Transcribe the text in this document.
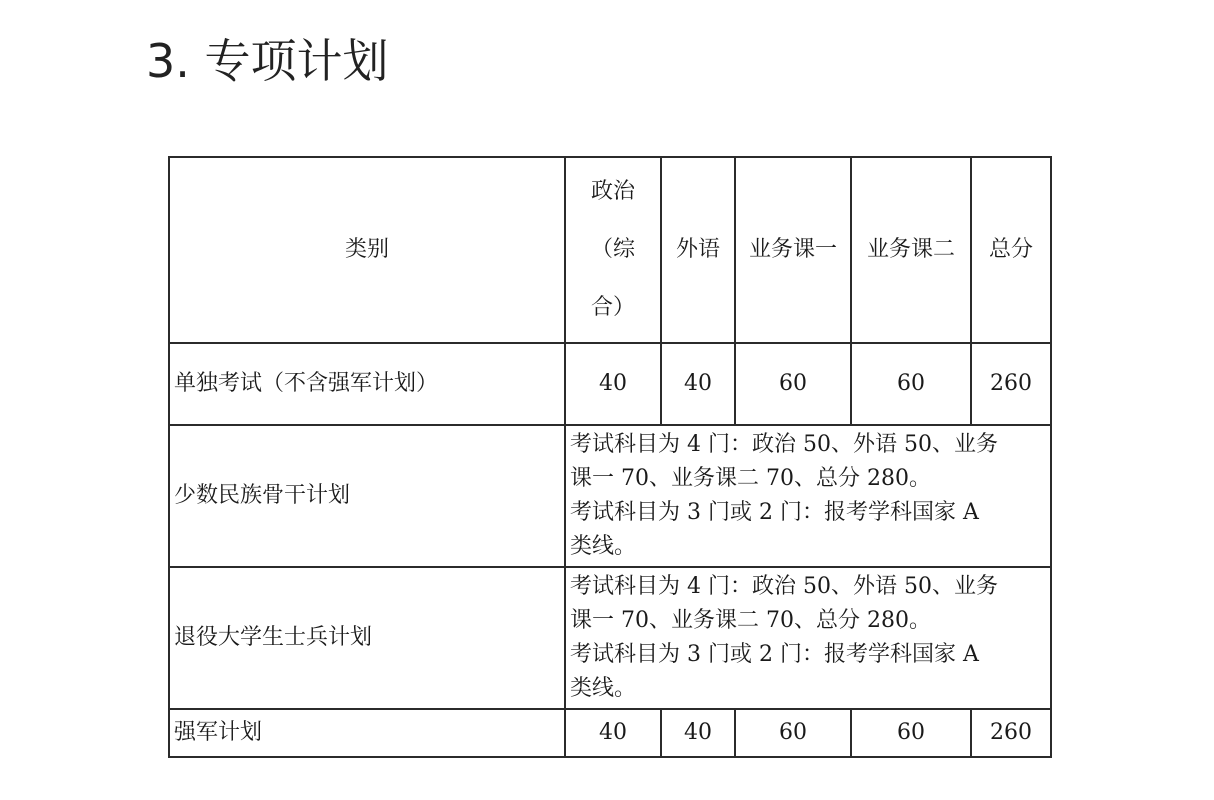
3. 专项计划
类别	政治
（综
合）	外语	业务课一	业务课二	总分
单独考试（不含强军计划）	40	40	60	60	260
少数民族骨干计划	考试科目为 4 门：政治 50、外语 50、业务
课一 70、业务课二 70、总分 280。
考试科目为 3 门或 2 门：报考学科国家 A
类线。				

退役大学生士兵计划	考试科目为 4 门：政治 50、外语 50、业务
课一 70、业务课二 70、总分 280。
考试科目为 3 门或 2 门：报考学科国家 A
类线。				

强军计划	40	40	60	60	260
